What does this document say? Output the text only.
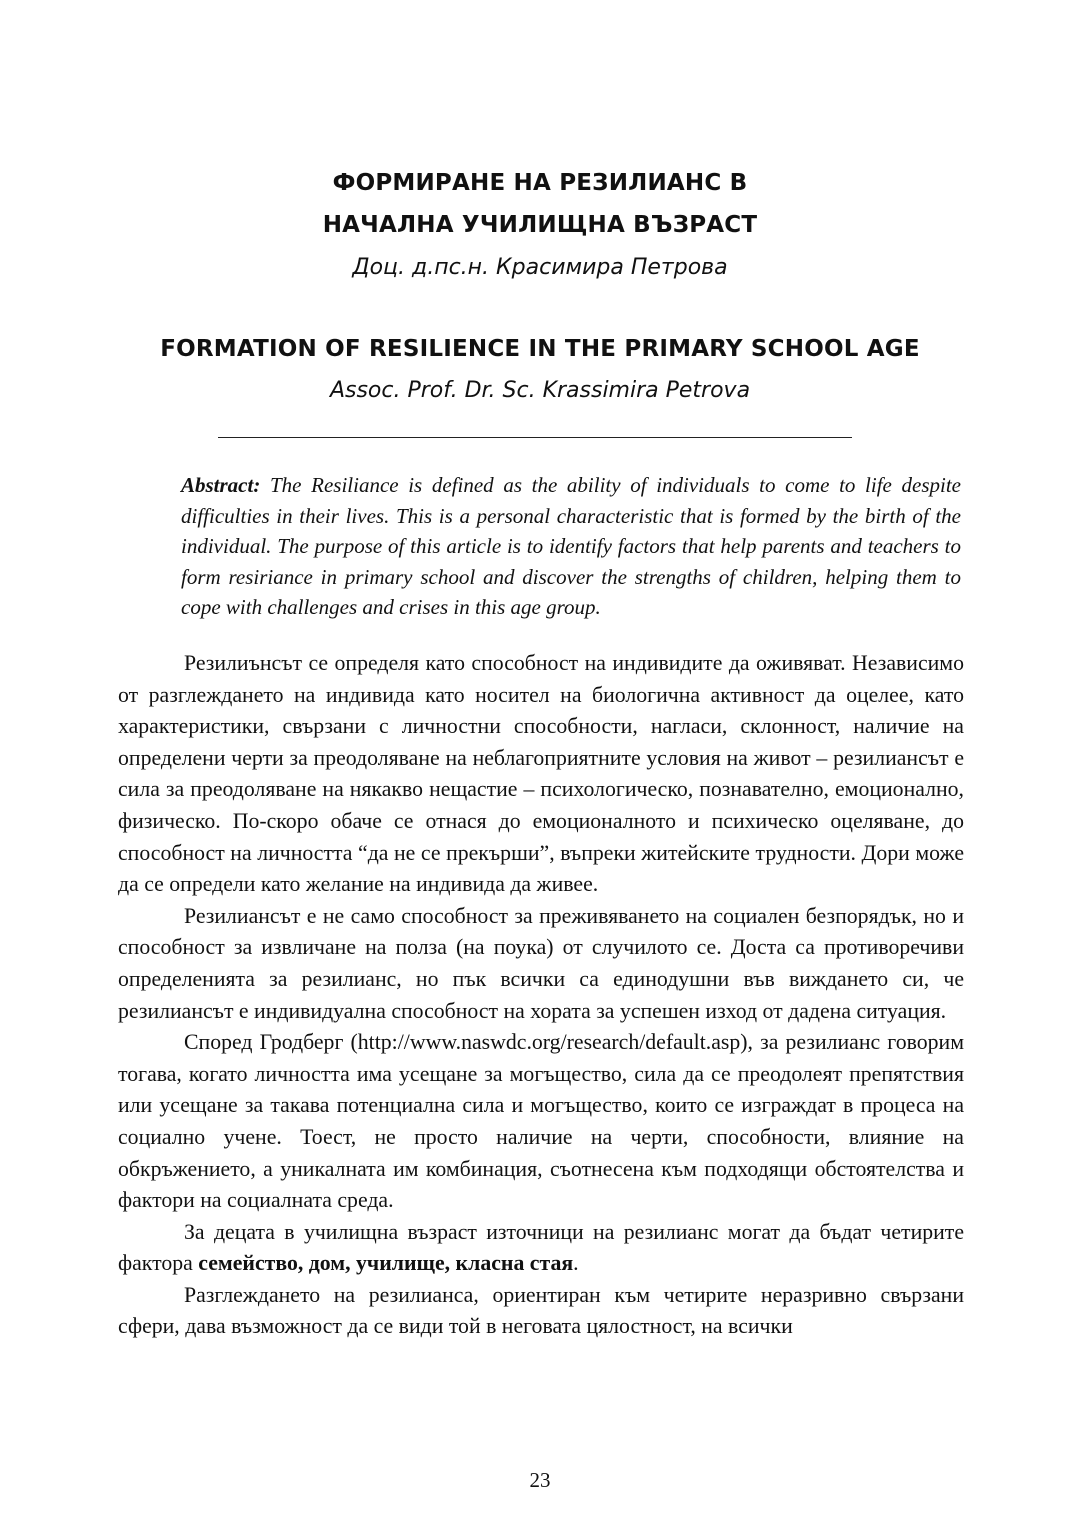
ФОРМИРАНЕ НА РЕЗИЛИАНС В
НАЧАЛНА УЧИЛИЩНА ВЪЗРАСТ
Доц. д.пс.н. Красимира Петрова
FORMATION OF RESILIENCE IN THE PRIMARY SCHOOL AGE
Assoc. Prof. Dr. Sc. Krassimira Petrova
Abstract: The Resiliance is defined as the ability of individuals to come to life despite difficulties in their lives. This is a personal characteristic that is formed by the birth of the individual. The purpose of this article is to identify factors that help parents and teachers to form resiriance in primary school and discover the strengths of children, helping them to cope with challenges and crises in this age group.

Резилиънсът се определя като способност на индивидите да оживяват. Независимо от разглеждането на индивида като носител на биологична активност да оцелее, като характеристики, свързани с личностни способности, нагласи, склонност, наличие на определени черти за преодоляване на неблагоприятните условия на живот – резилиансът е сила за преодоляване на някакво нещастие – психологическо, познавателно, емоционално, физическо. По-скоро обаче се отнася до емоционалното и психическо оцеляване, до способност на личността “да не се прекърши”, въпреки житейските трудности. Дори може да се определи като желание на индивида да живее.

Резилиансът е не само способност за преживяването на социален безпорядък, но и способност за извличане на полза (на поука) от случилото се. Доста са противоречиви определенията за резилианс, но пък всички са единодушни във виждането си, че резилиансът е индивидуална способност на хората за успешен изход от дадена ситуация.

Според Гродберг (http://www.naswdc.org/research/default.asp), за резилианс говорим тогава, когато личността има усещане за могъщество, сила да се преодолеят препятствия или усещане за такава потенциална сила и могъщество, които се изграждат в процеса на социално учене. Тоест, не просто наличие на черти, способности, влияние на обкръжението, а уникалната им комбинация, съотнесена към подходящи обстоятелства и фактори на социалната среда.

За децата в училищна възраст източници на резилианс могат да бъдат четирите фактора семейство, дом, училище, класна стая.

Разглеждането на резилианса, ориентиран към четирите неразривно свързани сфери, дава възможност да се види той в неговата цялостност, на всички

23
